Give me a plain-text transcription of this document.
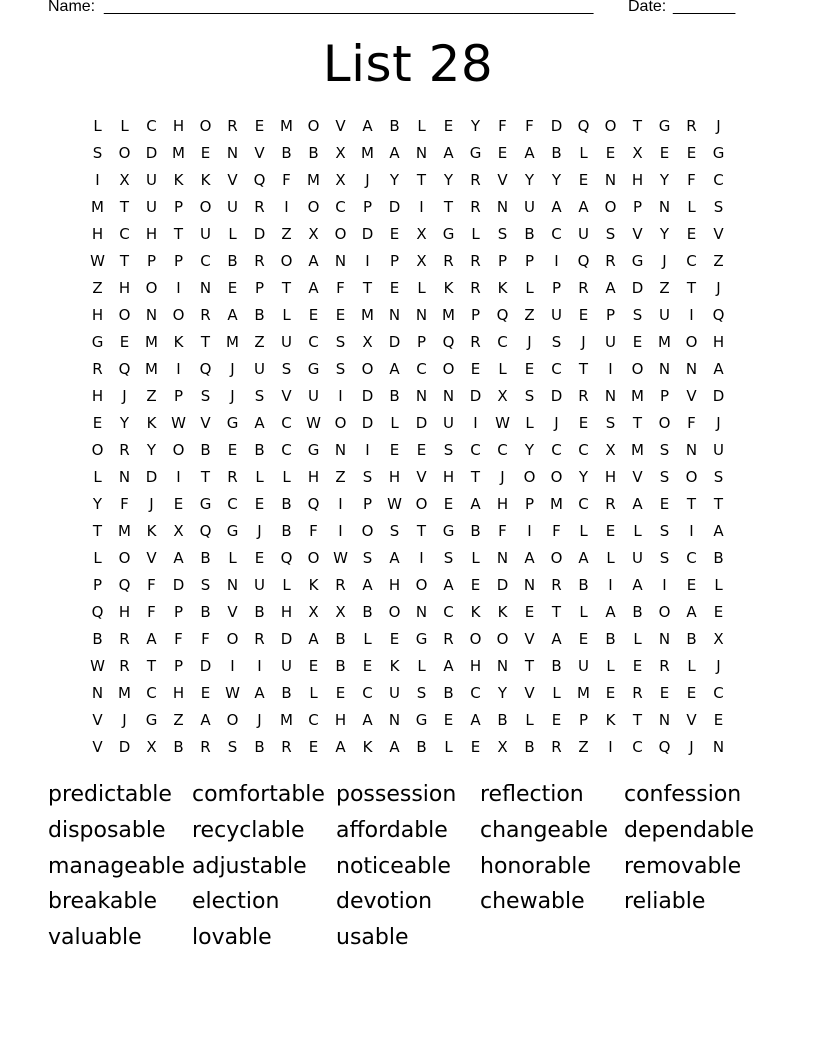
Name: _______________________________________________________ Date: _______
List 28
L	L	C	H	O	R	E	M O	V	A	B	L	E	Y	F	F	D	Q	O	T	G	R	J
S	O	D M	E	N	V	B	B	X	M	A	N	A	G	E	A	B	L	E	X	E	E	G
I	X	U	K	K	V	Q	F	M	X	J	Y	T	Y	R	V	Y	Y	E	N	H	Y	F	C
M	T	U	P	O	U	R	I	O	C	P	D	I	T	R	N	U	A	A	O	P	N	L	S
H	C	H	T	U	L	D	Z	X	O	D	E	X	G	L	S	B	C	U	S	V	Y	E	V
W T	P	P	C	B	R	O	A	N	I	P	X	R	R	P	P	I	Q	R	G	J	C	Z
Z	H	O	I	N	E	P	T	A	F	T	E	L	K	R	K	L	P	R	A	D	Z	T	J
H	O	N	O	R	A	B	L	E	E	M N	N M	P	Q	Z	U	E	P	S	U	I	Q
G	E	M	K	T	M	Z	U	C	S	X	D	P	Q	R	C	J	S	J	U	E	M O	H
R	Q M	I	Q	J	U	S	G	S	O	A	C	O	E	L	E	C	T	I	O	N	N	A
H	J	Z	P	S	J	S	V	U	I	D	B	N	N	D	X	S	D	R	N M	P	V	D
E	Y	K W V	G	A	C W O	D	L	D	U	I	W	L	J	E	S	T	O	F	J
O	R	Y	O	B	E	B	C	G	N	I	E	E	S	C	C	Y	C	C	X	M	S	N	U
L	N	D	I	T	R	L	L	H	Z	S	H	V	H	T	J	O	O	Y	H	V	S	O	S
Y	F	J	E	G	C	E	B	Q	I	P	W O	E	A	H	P	M	C	R	A	E	T	T
T	M	K	X	Q	G	J	B	F	I	O	S	T	G	B	F	I	F	L	E	L	S	I	A
L	O	V	A	B	L	E	Q	O W S	A	I	S	L	N	A	O	A	L	U	S	C	B
P	Q	F	D	S	N	U	L	K	R	A	H	O	A	E	D	N	R	B	I	A	I	E	L
Q	H	F	P	B	V	B	H	X	X	B	O	N	C	K	K	E	T	L	A	B	O	A	E
B	R	A	F	F	O	R	D	A	B	L	E	G	R	O	O	V	A	E	B	L	N	B	X
W R	T	P	D	I	I	U	E	B	E	K	L	A	H	N	T	B	U	L	E	R	L	J
N M	C	H	E W A	B	L	E	C	U	S	B	C	Y	V	L	M	E	R	E	E	C
V	J	G	Z	A	O	J	M	C	H	A	N	G	E	A	B	L	E	P	K	T	N	V	E
V	D	X	B	R	S	B	R	E	A	K	A	B	L	E	X	B	R	Z	I	C	Q	J	N
predictable comfortable possession	reflection	confession
disposable	recyclable	affordable	changeable dependable
manageable adjustable	noticeable	honorable	removable
breakable	election	devotion	chewable	reliable
valuable	lovable	usable
